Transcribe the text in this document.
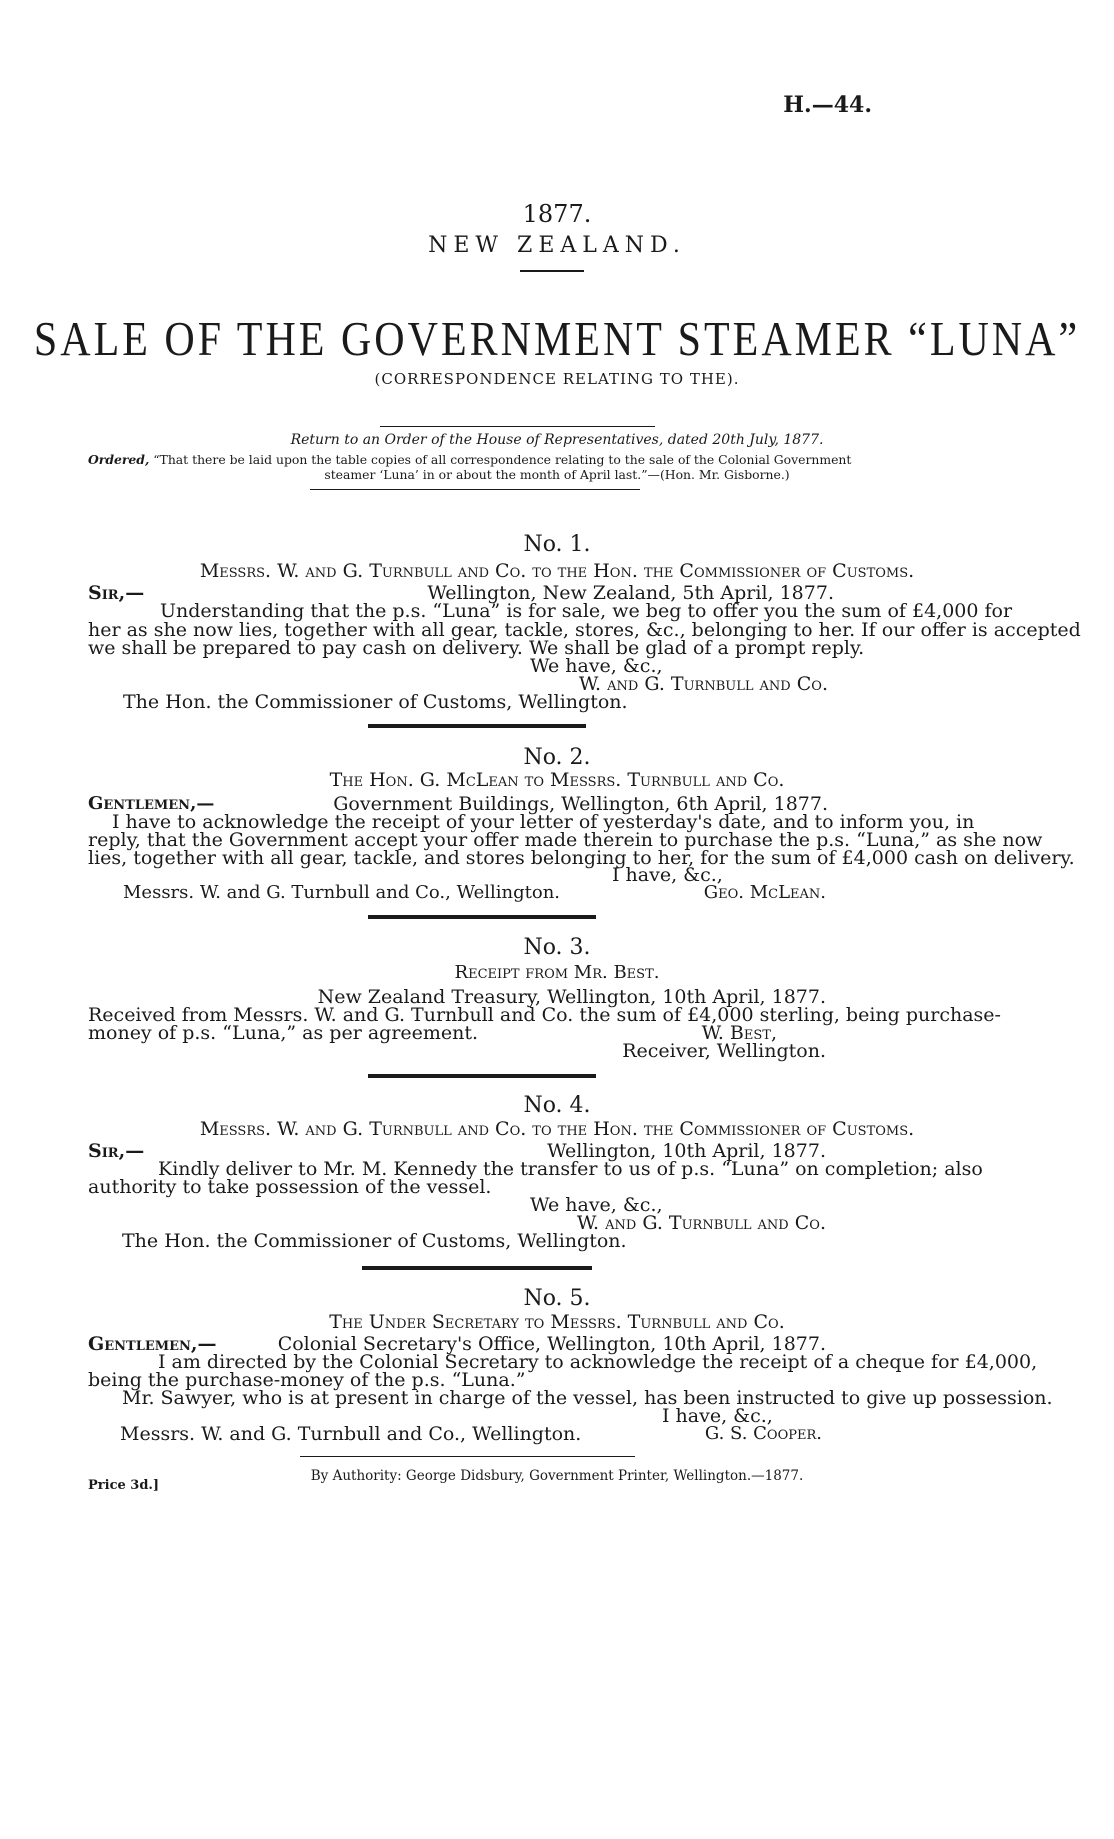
H.—44.
1877.
NEW ZEALAND.
SALE OF THE GOVERNMENT STEAMER “LUNA”
(CORRESPONDENCE RELATING TO THE).
Return to an Order of the House of Representatives, dated 20th July, 1877.
Ordered, “That there be laid upon the table copies of all correspondence relating to the sale of the Colonial Government
steamer ‘Luna’ in or about the month of April last.”—(Hon. Mr. Gisborne.)
No. 1.
Messrs. W. and G. Turnbull and Co. to the Hon. the Commissioner of Customs.
Sir,—	Wellington, New Zealand, 5th April, 1877.
Understanding that the p.s. “Luna” is for sale, we beg to offer you the sum of £4,000 for
her as she now lies, together with all gear, tackle, stores, &c., belonging to her. If our offer is accepted
we shall be prepared to pay cash on delivery. We shall be glad of a prompt reply.
We have, &c.,
W. and G. Turnbull and Co.
The Hon. the Commissioner of Customs, Wellington.
No. 2.
The Hon. G. McLean to Messrs. Turnbull and Co.
Gentlemen,—	Government Buildings, Wellington, 6th April, 1877.
I have to acknowledge the receipt of your letter of yesterday's date, and to inform you, in
reply, that the Government accept your offer made therein to purchase the p.s. “Luna,” as she now
lies, together with all gear, tackle, and stores belonging to her, for the sum of £4,000 cash on delivery.
I have, &c.,
Messrs. W. and G. Turnbull and Co., Wellington.	Geo. McLean.
No. 3.
Receipt from Mr. Best.
New Zealand Treasury, Wellington, 10th April, 1877.
Received from Messrs. W. and G. Turnbull and Co. the sum of £4,000 sterling, being purchase-
money of p.s. “Luna,” as per agreement.	W. Best,
Receiver, Wellington.
No. 4.
Messrs. W. and G. Turnbull and Co. to the Hon. the Commissioner of Customs.
Sir,—	Wellington, 10th April, 1877.
Kindly deliver to Mr. M. Kennedy the transfer to us of p.s. “Luna” on completion; also
authority to take possession of the vessel.
We have, &c.,
W. and G. Turnbull and Co.
The Hon. the Commissioner of Customs, Wellington.
No. 5.
The Under Secretary to Messrs. Turnbull and Co.
Gentlemen,—	Colonial Secretary's Office, Wellington, 10th April, 1877.
I am directed by the Colonial Secretary to acknowledge the receipt of a cheque for £4,000,
being the purchase-money of the p.s. “Luna.”
Mr. Sawyer, who is at present in charge of the vessel, has been instructed to give up possession.
I have, &c.,
Messrs. W. and G. Turnbull and Co., Wellington.	G. S. Cooper.
By Authority: George Didsbury, Government Printer, Wellington.—1877.
Price 3d.]
